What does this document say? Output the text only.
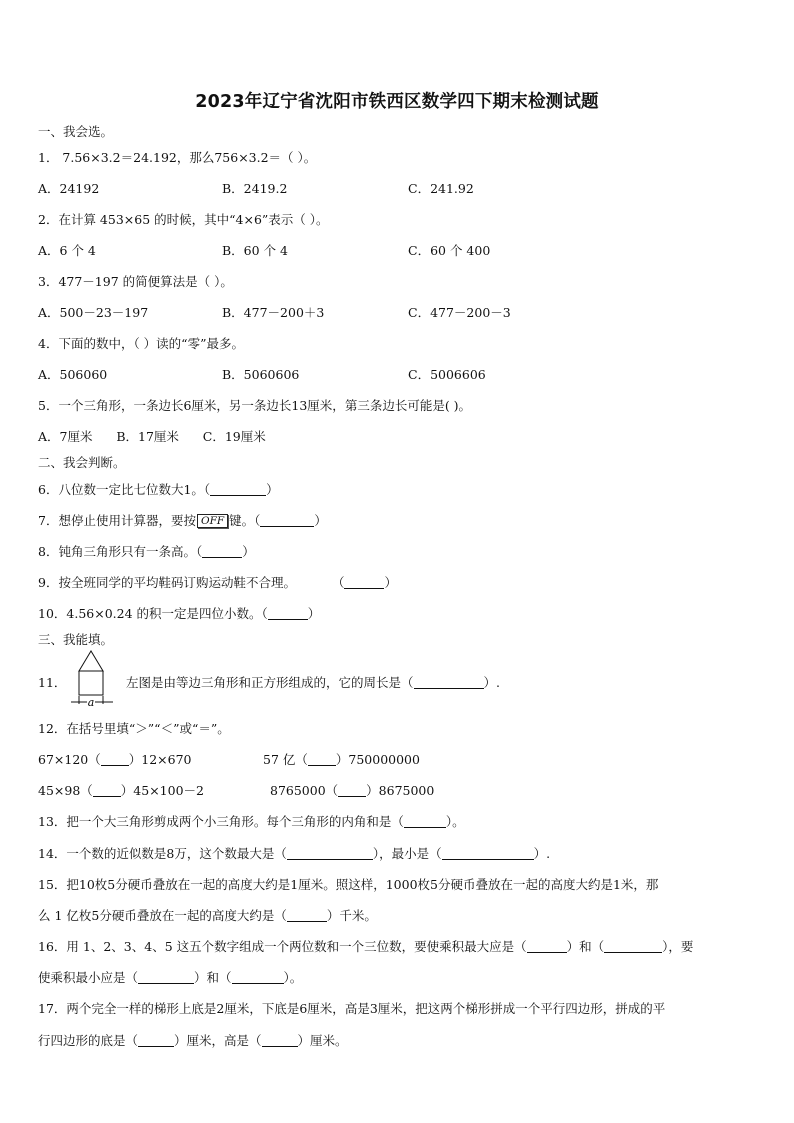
2023年辽宁省沈阳市铁西区数学四下期末检测试题
一、我会选。
1． 7.56×3.2＝24.192，那么756×3.2＝（ ）。
A．24192	B．2419.2	C．241.92
2．在计算 453×65 的时候，其中“4×6”表示（ ）。
A．6 个 4	B．60 个 4	C．60 个 400
3．477－197 的简便算法是（ ）。
A．500－23－197	B．477－200＋3	C．477－200－3
4．下面的数中，（ ）读的“零”最多。
A．506060	B．5060606	C．5006606
5．一个三角形，一条边长6厘米，另一条边长13厘米，第三条边长可能是( )。
A．7厘米      B．17厘米      C．19厘米
二、我会判断。
6．八位数一定比七位数大1。（	）
7．想停止使用计算器，要按 OFF 键。（	）
8．钝角三角形只有一条高。（	）
9．按全班同学的平均鞋码订购运动鞋不合理。	（	）
10．4.56×0.24 的积一定是四位小数。（	）
三、我能填。
11．
a
左图是由等边三角形和正方形组成的，它的周长是（	）.
12．在括号里填“＞”“＜”或“＝”。
67×120（ ）12×670	57 亿（ ）750000000
45×98（ ）45×100－2	8765000（ ）8675000
13．把一个大三角形剪成两个小三角形。每个三角形的内角和是（	）。
14．一个数的近似数是8万，这个数最大是（	），最小是（	）.
15．把10枚5分硬币叠放在一起的高度大约是1厘米。照这样，1000枚5分硬币叠放在一起的高度大约是1米，那
么 1 亿枚5分硬币叠放在一起的高度大约是（	）千米。
16．用 1、2、3、4、5 这五个数字组成一个两位数和一个三位数，要使乘积最大应是（	）和（	），要
使乘积最小应是（	）和（	）。
17．两个完全一样的梯形上底是2厘米，下底是6厘米，高是3厘米，把这两个梯形拼成一个平行四边形，拼成的平
行四边形的底是（	）厘米，高是（	）厘米。
